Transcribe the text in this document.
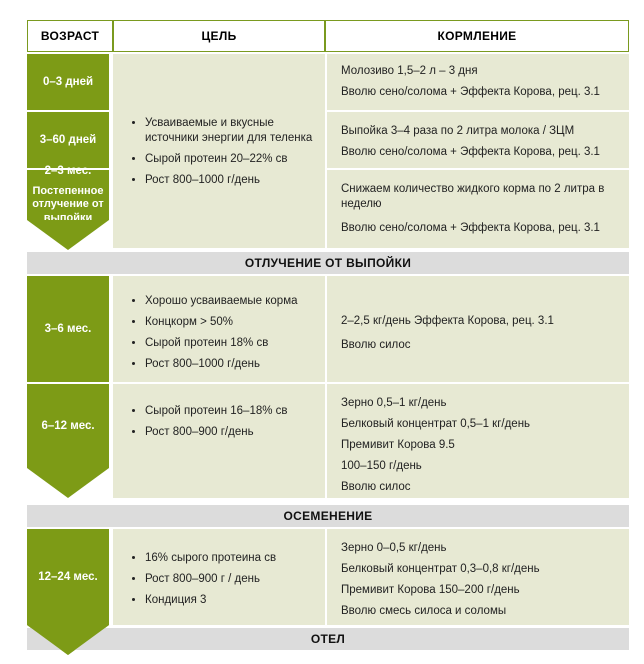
ВОЗРАСТ	ЦЕЛЬ	КОРМЛЕНИЕ
0–3 дней
3–60 дней
2–3 мес.
Постепенное отлучение от выпойки
• Усваиваемые и вкусные источники энергии для теленка
• Сырой протеин 20–22% св
• Рост 800–1000 г/день
Молозиво 1,5–2 л – 3 дня
Вволю сено/солома + Эффекта Корова, рец. 3.1
Выпойка 3–4 раза по 2 литра молока / ЗЦМ
Вволю сено/солома + Эффекта Корова, рец. 3.1
Снижаем количество жидкого корма по 2 литра в неделю
Вволю сено/солома + Эффекта Корова, рец. 3.1
ОТЛУЧЕНИЕ ОТ ВЫПОЙКИ
3–6 мес.
• Хорошо усваиваемые корма
• Концкорм > 50%
• Сырой протеин 18% св
• Рост 800–1000 г/день
2–2,5 кг/день Эффекта Корова, рец. 3.1
Вволю силос
6–12 мес.
• Сырой протеин 16–18% св
• Рост 800–900 г/день
Зерно 0,5–1 кг/день
Белковый концентрат 0,5–1 кг/день
Премивит Корова 9.5
100–150 г/день
Вволю силос
ОСЕМЕНЕНИЕ
12–24 мес.
• 16% сырого протеина св
• Рост 800–900 г / день
• Кондиция 3
Зерно 0–0,5 кг/день
Белковый концентрат 0,3–0,8 кг/день
Премивит Корова 150–200 г/день
Вволю смесь силоса и соломы
ОТЕЛ
